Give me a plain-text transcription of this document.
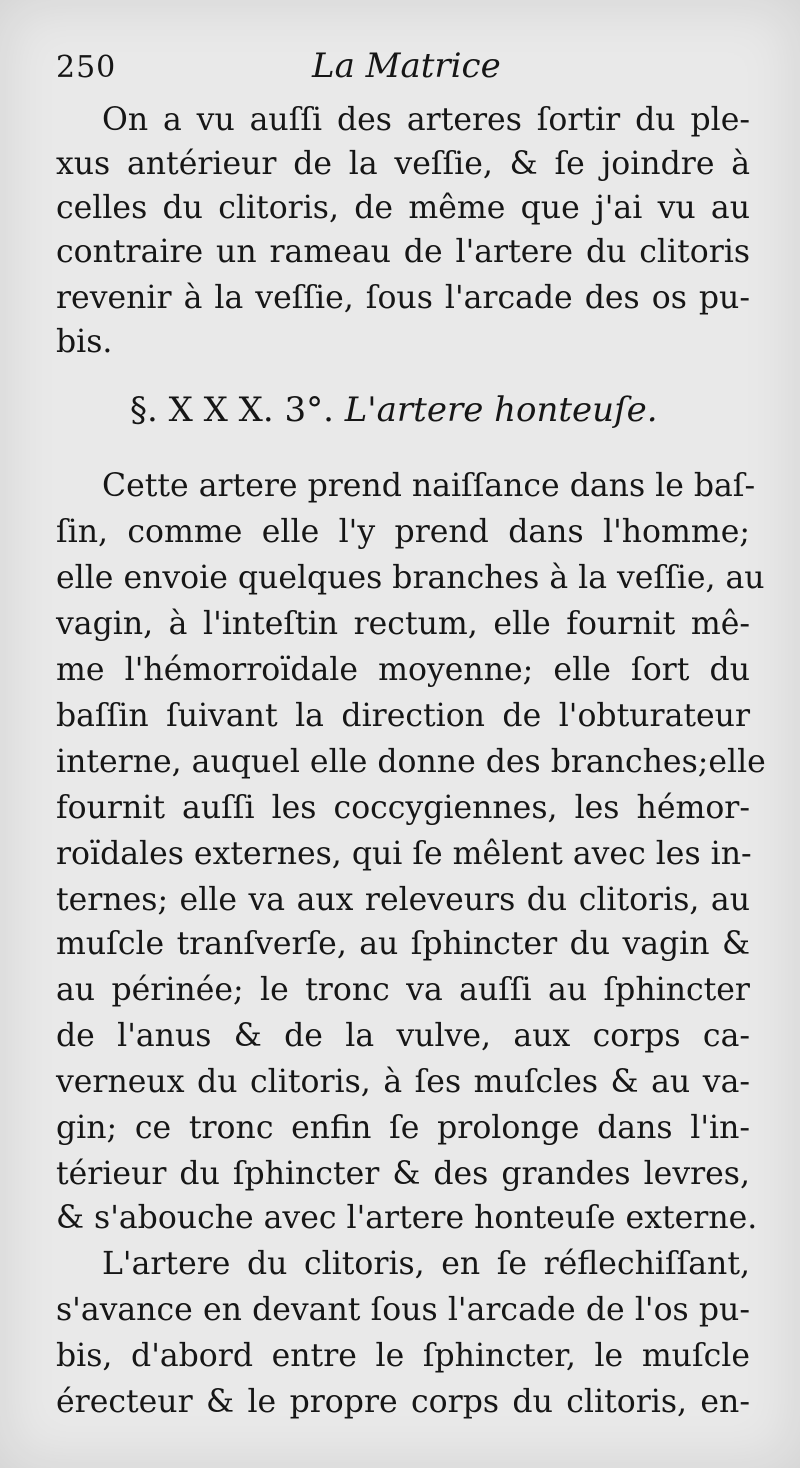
250	La Matrice
On a vu auſſi des arteres ſortir du ple-
xus antérieur de la veſſie, & ſe joindre à
celles du clitoris, de même que j'ai vu au
contraire un rameau de l'artere du clitoris
revenir à la veſſie, ſous l'arcade des os pu-
bis.
§. X X X. 3°. L'artere honteuſe.
Cette artere prend naiſſance dans le baſ-
ſin, comme elle l'y prend dans l'homme;
elle envoie quelques branches à la veſſie, au
vagin, à l'inteſtin rectum, elle fournit mê-
me l'hémorroïdale moyenne; elle ſort du
baſſin ſuivant la direction de l'obturateur
interne, auquel elle donne des branches;elle
fournit auſſi les coccygiennes, les hémor-
roïdales externes, qui ſe mêlent avec les in-
ternes; elle va aux releveurs du clitoris, au
muſcle tranſverſe, au ſphincter du vagin &
au périnée; le tronc va auſſi au ſphincter
de l'anus & de la vulve, aux corps ca-
verneux du clitoris, à ſes muſcles & au va-
gin; ce tronc enfin ſe prolonge dans l'in-
térieur du ſphincter & des grandes levres,
& s'abouche avec l'artere honteuſe externe.
L'artere du clitoris, en ſe réflechiſſant,
s'avance en devant ſous l'arcade de l'os pu-
bis, d'abord entre le ſphincter, le muſcle
érecteur & le propre corps du clitoris, en-
